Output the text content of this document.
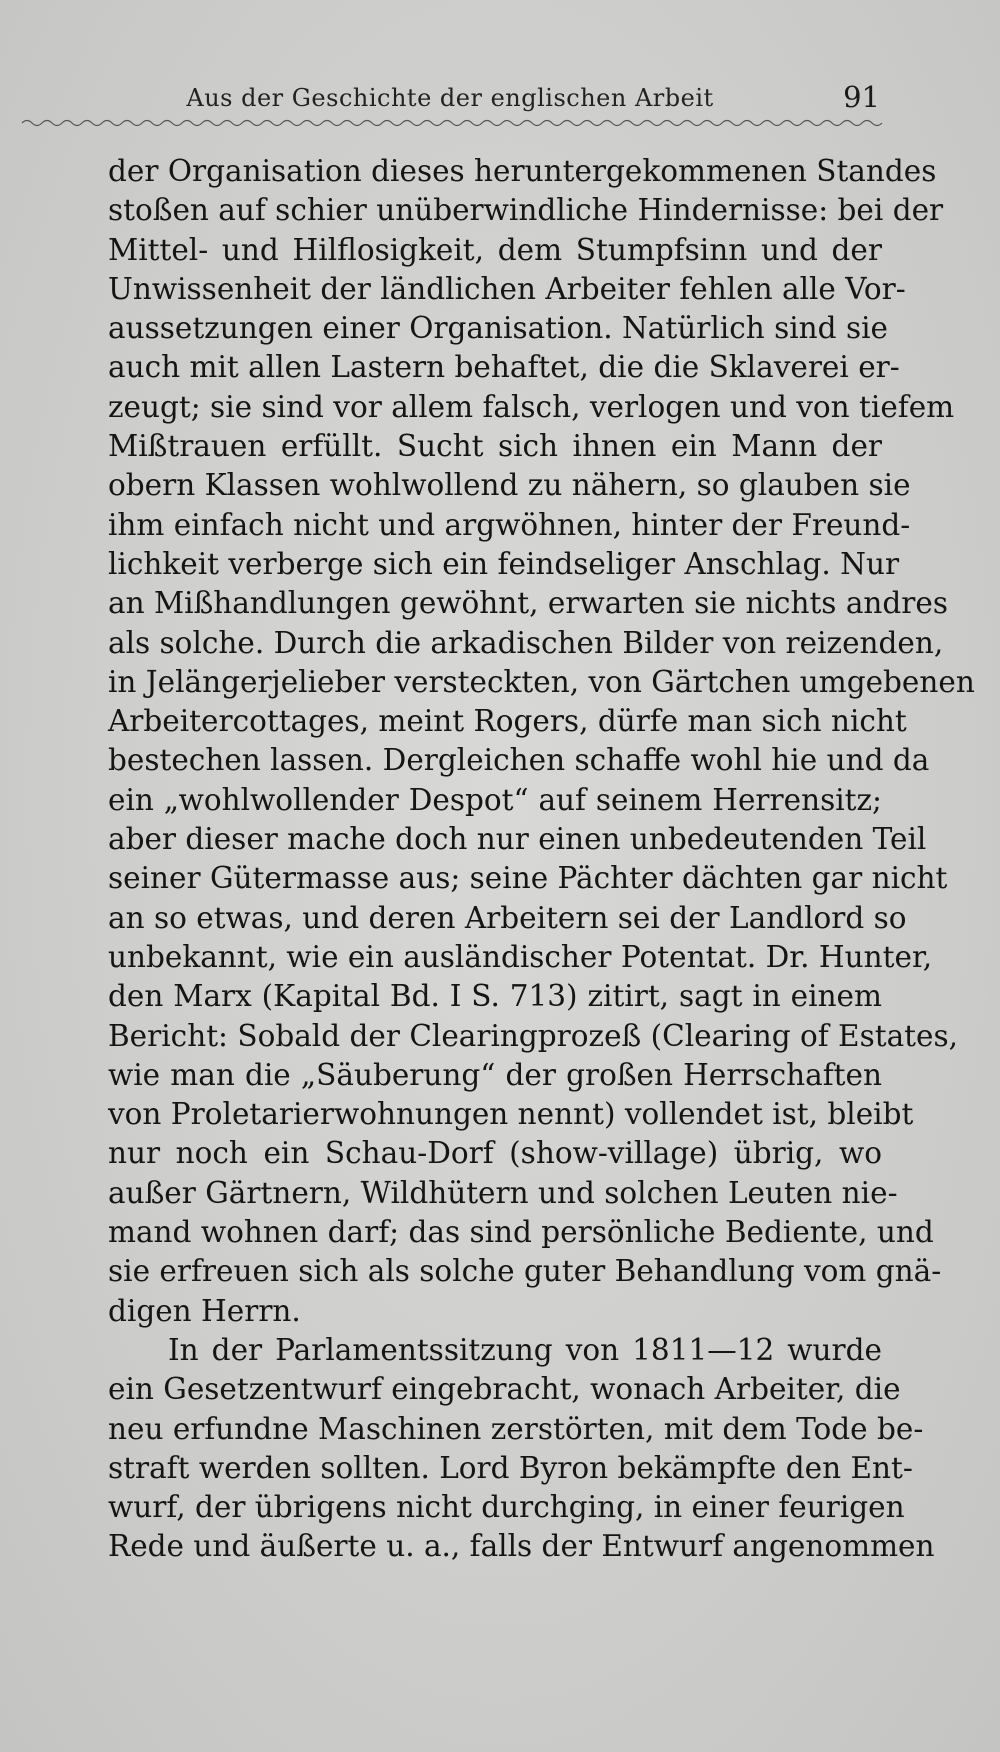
Aus der Geschichte der englischen Arbeit	91
der Organisation dieses heruntergekommenen Standes
stoßen auf schier unüberwindliche Hindernisse: bei der
Mittel- und Hilflosigkeit, dem Stumpfsinn und der
Unwissenheit der ländlichen Arbeiter fehlen alle Vor-
aussetzungen einer Organisation. Natürlich sind sie
auch mit allen Lastern behaftet, die die Sklaverei er-
zeugt; sie sind vor allem falsch, verlogen und von tiefem
Mißtrauen erfüllt. Sucht sich ihnen ein Mann der
obern Klassen wohlwollend zu nähern, so glauben sie
ihm einfach nicht und argwöhnen, hinter der Freund-
lichkeit verberge sich ein feindseliger Anschlag. Nur
an Mißhandlungen gewöhnt, erwarten sie nichts andres
als solche. Durch die arkadischen Bilder von reizenden,
in Jelängerjelieber versteckten, von Gärtchen umgebenen
Arbeitercottages, meint Rogers, dürfe man sich nicht
bestechen lassen. Dergleichen schaffe wohl hie und da
ein „wohlwollender Despot“ auf seinem Herrensitz;
aber dieser mache doch nur einen unbedeutenden Teil
seiner Gütermasse aus; seine Pächter dächten gar nicht
an so etwas, und deren Arbeitern sei der Landlord so
unbekannt, wie ein ausländischer Potentat. Dr. Hunter,
den Marx (Kapital Bd. I S. 713) zitirt, sagt in einem
Bericht: Sobald der Clearingprozeß (Clearing of Estates,
wie man die „Säuberung“ der großen Herrschaften
von Proletarierwohnungen nennt) vollendet ist, bleibt
nur noch ein Schau-Dorf (show-village) übrig, wo
außer Gärtnern, Wildhütern und solchen Leuten nie-
mand wohnen darf; das sind persönliche Bediente, und
sie erfreuen sich als solche guter Behandlung vom gnä-
digen Herrn.
In der Parlamentssitzung von 1811—12 wurde
ein Gesetzentwurf eingebracht, wonach Arbeiter, die
neu erfundne Maschinen zerstörten, mit dem Tode be-
straft werden sollten. Lord Byron bekämpfte den Ent-
wurf, der übrigens nicht durchging, in einer feurigen
Rede und äußerte u. a., falls der Entwurf angenommen
